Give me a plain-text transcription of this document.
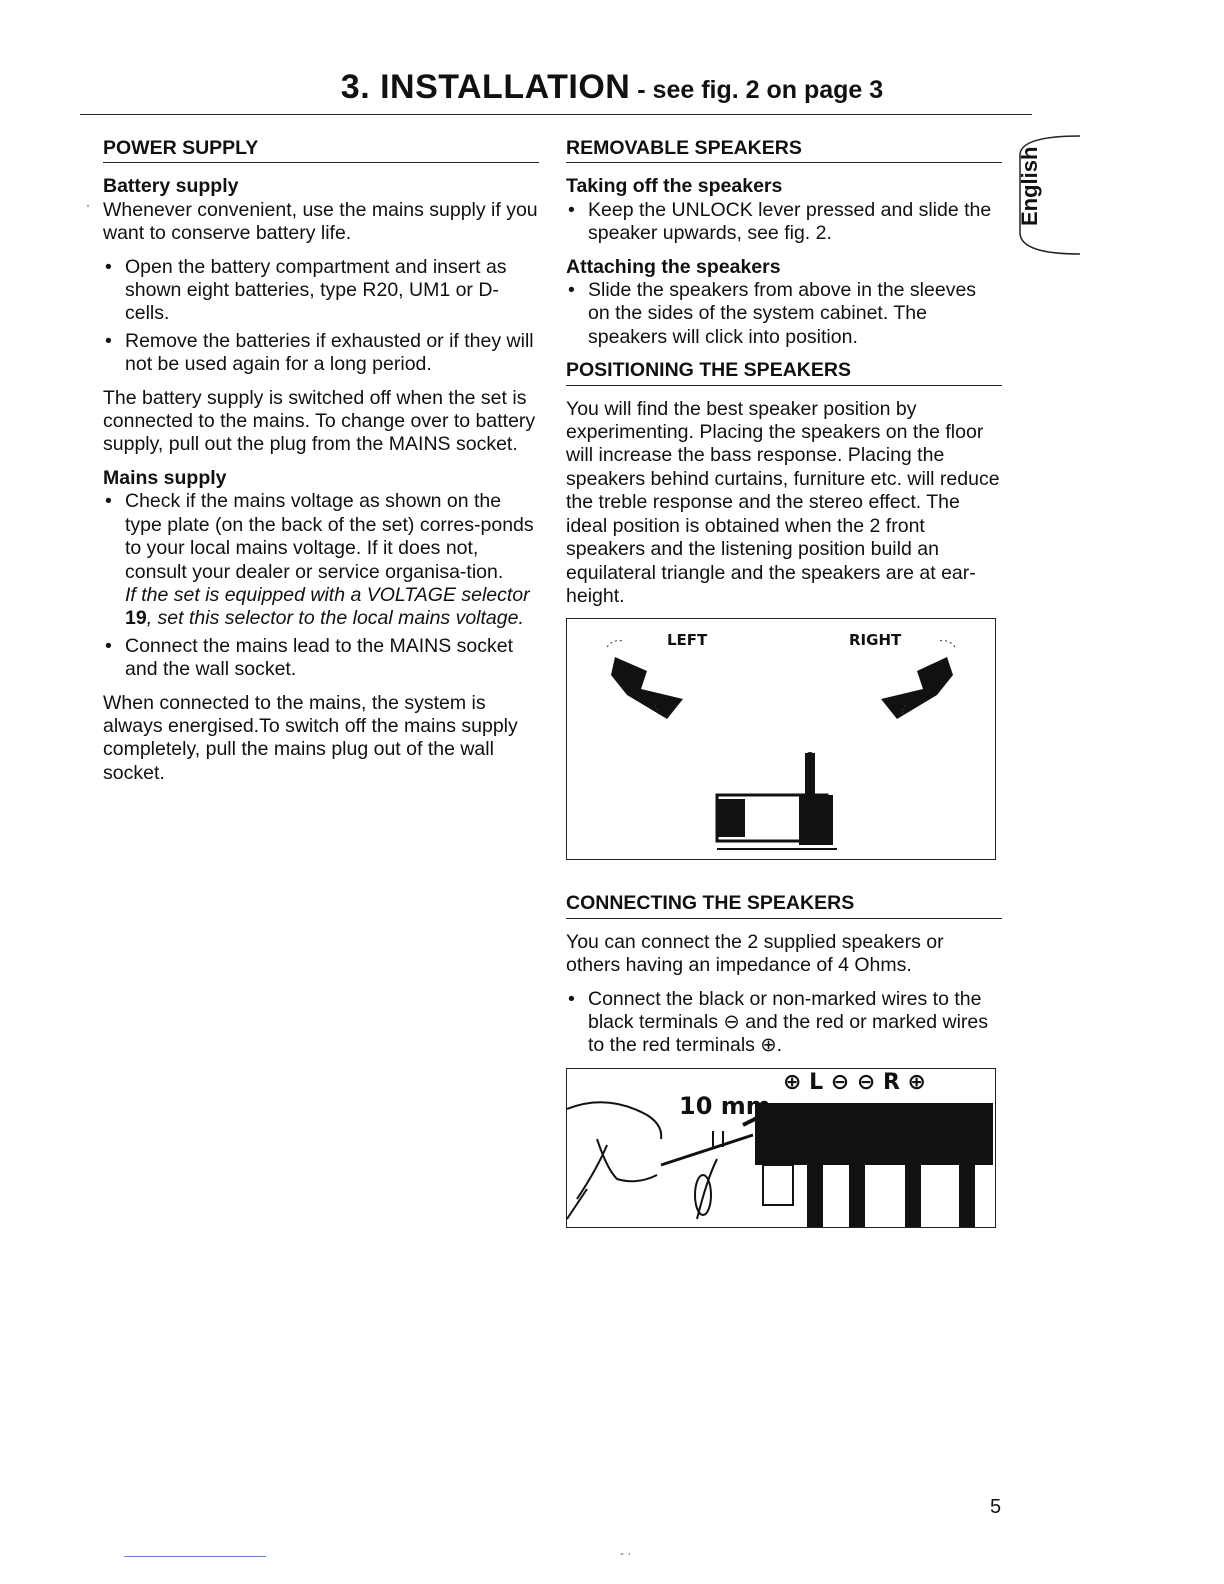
3. INSTALLATION - see fig. 2 on page 3
English
·
POWER SUPPLY
Battery supply

Whenever convenient, use the mains supply if you want to conserve battery life.

• Open the battery compartment and insert as shown eight batteries, type R20, UM1 or D-cells.
• Remove the batteries if exhausted or if they will not be used again for a long period.

The battery supply is switched off when the set is connected to the mains. To change over to battery supply, pull out the plug from the MAINS socket.

Mains supply
• Check if the mains voltage as shown on the type plate (on the back of the set) corres-ponds to your local mains voltage. If it does not, consult your dealer or service organisa-tion.
If the set is equipped with a VOLTAGE selector 19, set this selector to the local mains voltage.
• Connect the mains lead to the MAINS socket and the wall socket.

When connected to the mains, the system is always energised.To switch off the mains supply completely, pull the mains plug out of the wall socket.

REMOVABLE SPEAKERS
Taking off the speakers
• Keep the UNLOCK lever pressed and slide the speaker upwards, see fig. 2.
Attaching the speakers
• Slide the speakers from above in the sleeves on the sides of the system cabinet. The speakers will click into position.
POSITIONING THE SPEAKERS

You will find the best speaker position by experimenting. Placing the speakers on the floor will increase the bass response. Placing the speakers behind curtains, furniture etc. will reduce the treble response and the stereo effect. The ideal position is obtained when the 2 front speakers and the listening position build an equilateral triangle and the speakers are at ear-height.

LEFT	RIGHT
CONNECTING THE SPEAKERS

You can connect the 2 supplied speakers or others having an impedance of 4 Ohms.

• Connect the black or non-marked wires to the black terminals ⊖ and the red or marked wires to the red terminals ⊕.
⊕ L ⊖ ⊖ R ⊕
10 mm
5
- ·
